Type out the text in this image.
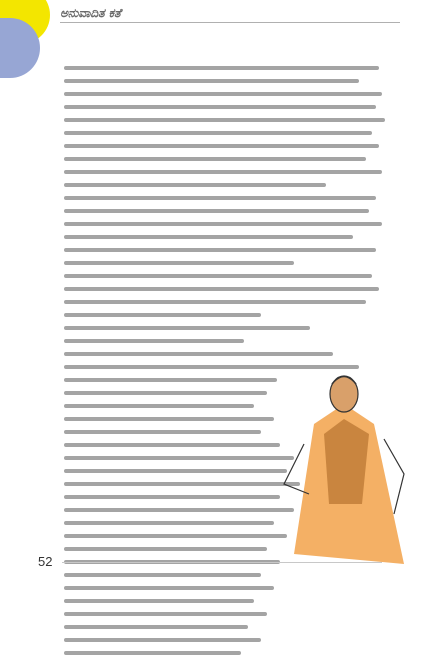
ಅನುವಾದಿತ ಕತೆ
52
